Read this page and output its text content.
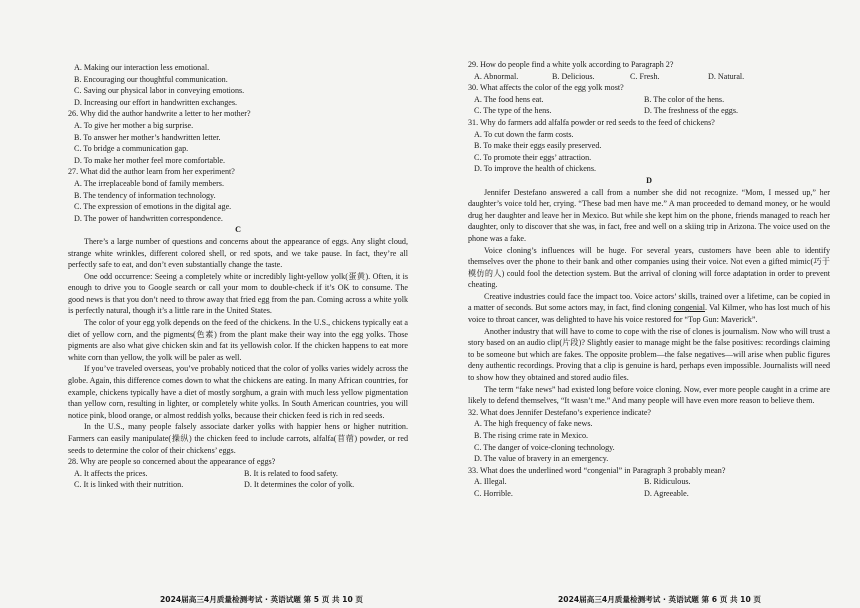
A. Making our interaction less emotional.

B. Encouraging our thoughtful communication.

C. Saving our physical labor in conveying emotions.

D. Increasing our effort in handwritten exchanges.

26. Why did the author handwrite a letter to her mother?

A. To give her mother a big surprise.

B. To answer her mother’s handwritten letter.

C. To bridge a communication gap.

D. To make her mother feel more comfortable.

27. What did the author learn from her experiment?

A. The irreplaceable bond of family members.

B. The tendency of information technology.

C. The expression of emotions in the digital age.

D. The power of handwritten correspondence.

C

There’s a large number of questions and concerns about the appearance of eggs. Any slight cloud, strange white wrinkles, different colored shell, or red spots, and we take pause. In fact, they’re all perfectly safe to eat, and don’t even substantially change the taste.

One odd occurrence: Seeing a completely white or incredibly light-yellow yolk(蛋黄). Often, it is enough to drive you to Google search or call your mom to double-check if it’s OK to consume. The good news is that you don’t need to throw away that fried egg from the pan. Coming across a white yolk is perfectly natural, though it’s a little rare in the United States.

The color of your egg yolk depends on the feed of the chickens. In the U.S., chickens typically eat a diet of yellow corn, and the pigments(色素) from the plant make their way into the egg yolks. Those pigments are also what give chicken skin and fat its yellowish color. If the chicken happens to eat more white corn than yellow, the yolk will be paler as well.

If you’ve traveled overseas, you’ve probably noticed that the color of yolks varies widely across the globe. Again, this difference comes down to what the chickens are eating. In many African countries, for example, chickens typically have a diet of mostly sorghum, a grain with much less yellow pigmentation than yellow corn, resulting in lighter, or completely white yolks. In South American countries, you will notice pink, blood orange, or almost reddish yolks, because their chicken feed is rich in red seeds.

In the U.S., many people falsely associate darker yolks with happier hens or higher nutrition. Farmers can easily manipulate(操纵) the chicken feed to include carrots, alfalfa(苜蓿) powder, or red seeds to determine the color of their chickens’ eggs.

28. Why are people so concerned about the appearance of eggs?

A. It affects the prices.	B. It is related to food safety.
C. It is linked with their nutrition.	D. It determines the color of yolk.
2024届高三4月质量检测考试 · 英语试题 第 5 页 共 10 页

29. How do people find a white yolk according to Paragraph 2?

A. Abnormal.	B. Delicious.	C. Fresh.	D. Natural.

30. What affects the color of the egg yolk most?

A. The food hens eat.	B. The color of the hens.
C. The type of the hens.	D. The freshness of the eggs.

31. Why do farmers add alfalfa powder or red seeds to the feed of chickens?

A. To cut down the farm costs.

B. To make their eggs easily preserved.

C. To promote their eggs’ attraction.

D. To improve the health of chickens.

D

Jennifer Destefano answered a call from a number she did not recognize. “Mom, I messed up,” her daughter’s voice told her, crying. “These bad men have me.” A man proceeded to demand money, or he would drug her daughter and leave her in Mexico. But while she kept him on the phone, friends managed to reach her daughter, only to discover that she was, in fact, free and well on a skiing trip in Arizona. The voice used on the phone was a fake.

Voice cloning’s influences will be huge. For several years, customers have been able to identify themselves over the phone to their bank and other companies using their voice. Not even a gifted mimic(巧于模仿的人) could fool the detection system. But the arrival of cloning will force adaptation in order to prevent cheating.

Creative industries could face the impact too. Voice actors’ skills, trained over a lifetime, can be copied in a matter of seconds. But some actors may, in fact, find cloning congenial. Val Kilmer, who has lost much of his voice to throat cancer, was delighted to have his voice restored for “Top Gun: Maverick”.

Another industry that will have to come to cope with the rise of clones is journalism. Now who will trust a story based on an audio clip(片段)? Slightly easier to manage might be the false positives: recordings claiming to be someone but which are fakes. The opposite problem—the false negatives—will arise when public figures deny authentic recordings. Proving that a clip is genuine is hard, perhaps even impossible. Journalists will need to show how they obtained and stored audio files.

The term “fake news” had existed long before voice cloning. Now, ever more people caught in a crime are likely to defend themselves, “It wasn’t me.” And many people will have even more reason to believe them.

32. What does Jennifer Destefano’s experience indicate?

A. The high frequency of fake news.

B. The rising crime rate in Mexico.

C. The danger of voice-cloning technology.

D. The value of bravery in an emergency.

33. What does the underlined word “congenial” in Paragraph 3 probably mean?

A. Illegal.	B. Ridiculous.
C. Horrible.	D. Agreeable.
2024届高三4月质量检测考试 · 英语试题 第 6 页 共 10 页
